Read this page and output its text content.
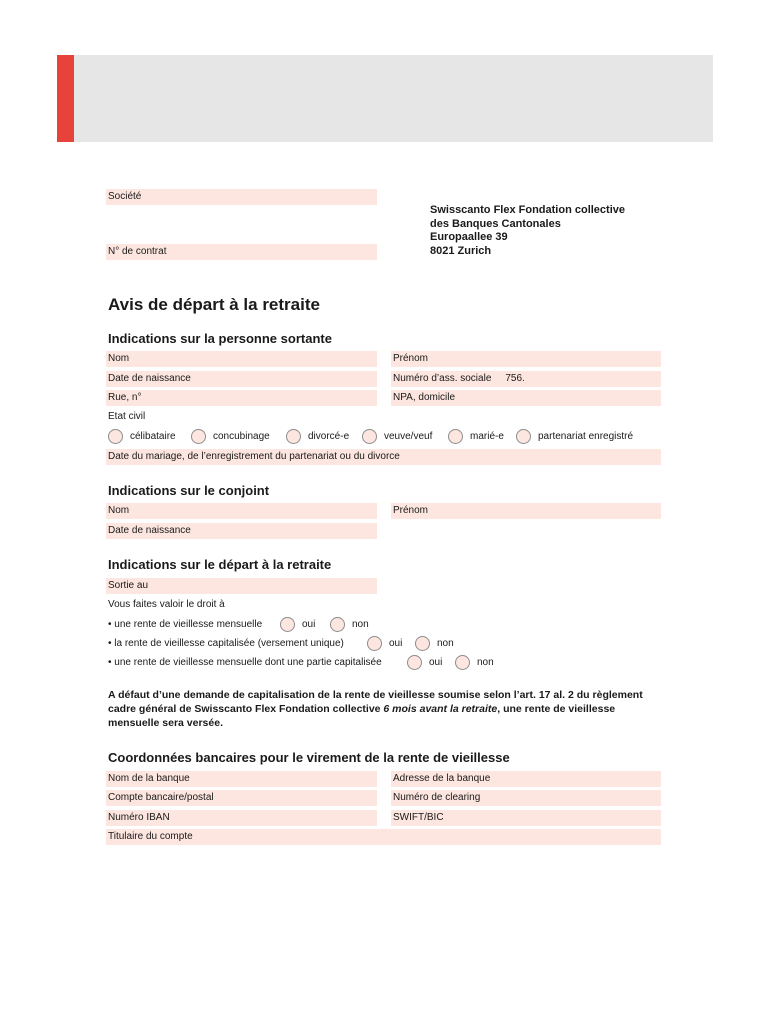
Société
N° de contrat
Swisscanto Flex Fondation collective
des Banques Cantonales
Europaallee 39
8021 Zurich
Avis de départ à la retraite
Indications sur la personne sortante
Nom	Prénom
Date de naissance	Numéro d’ass. sociale 756.
Rue, n°	NPA, domicile
Etat civil
célibataire	concubinage	divorcé-e	veuve/veuf	marié-e	partenariat enregistré
Date du mariage, de l’enregistrement du partenariat ou du divorce
Indications sur le conjoint
Nom	Prénom
Date de naissance
Indications sur le départ à la retraite
Sortie au
Vous faites valoir le droit à
• une rente de vieillesse mensuelle	oui	non
• la rente de vieillesse capitalisée (versement unique)	oui	non
• une rente de vieillesse mensuelle dont une partie capitalisée	oui	non
A défaut d’une demande de capitalisation de la rente de vieillesse soumise selon l’art. 17 al. 2 du règlement cadre général de Swisscanto Flex Fondation collective 6 mois avant la retraite, une rente de vieillesse mensuelle sera versée.
Coordonnées bancaires pour le virement de la rente de vieillesse
Nom de la banque	Adresse de la banque
Compte bancaire/postal	Numéro de clearing
Numéro IBAN	SWIFT/BIC
Titulaire du compte
